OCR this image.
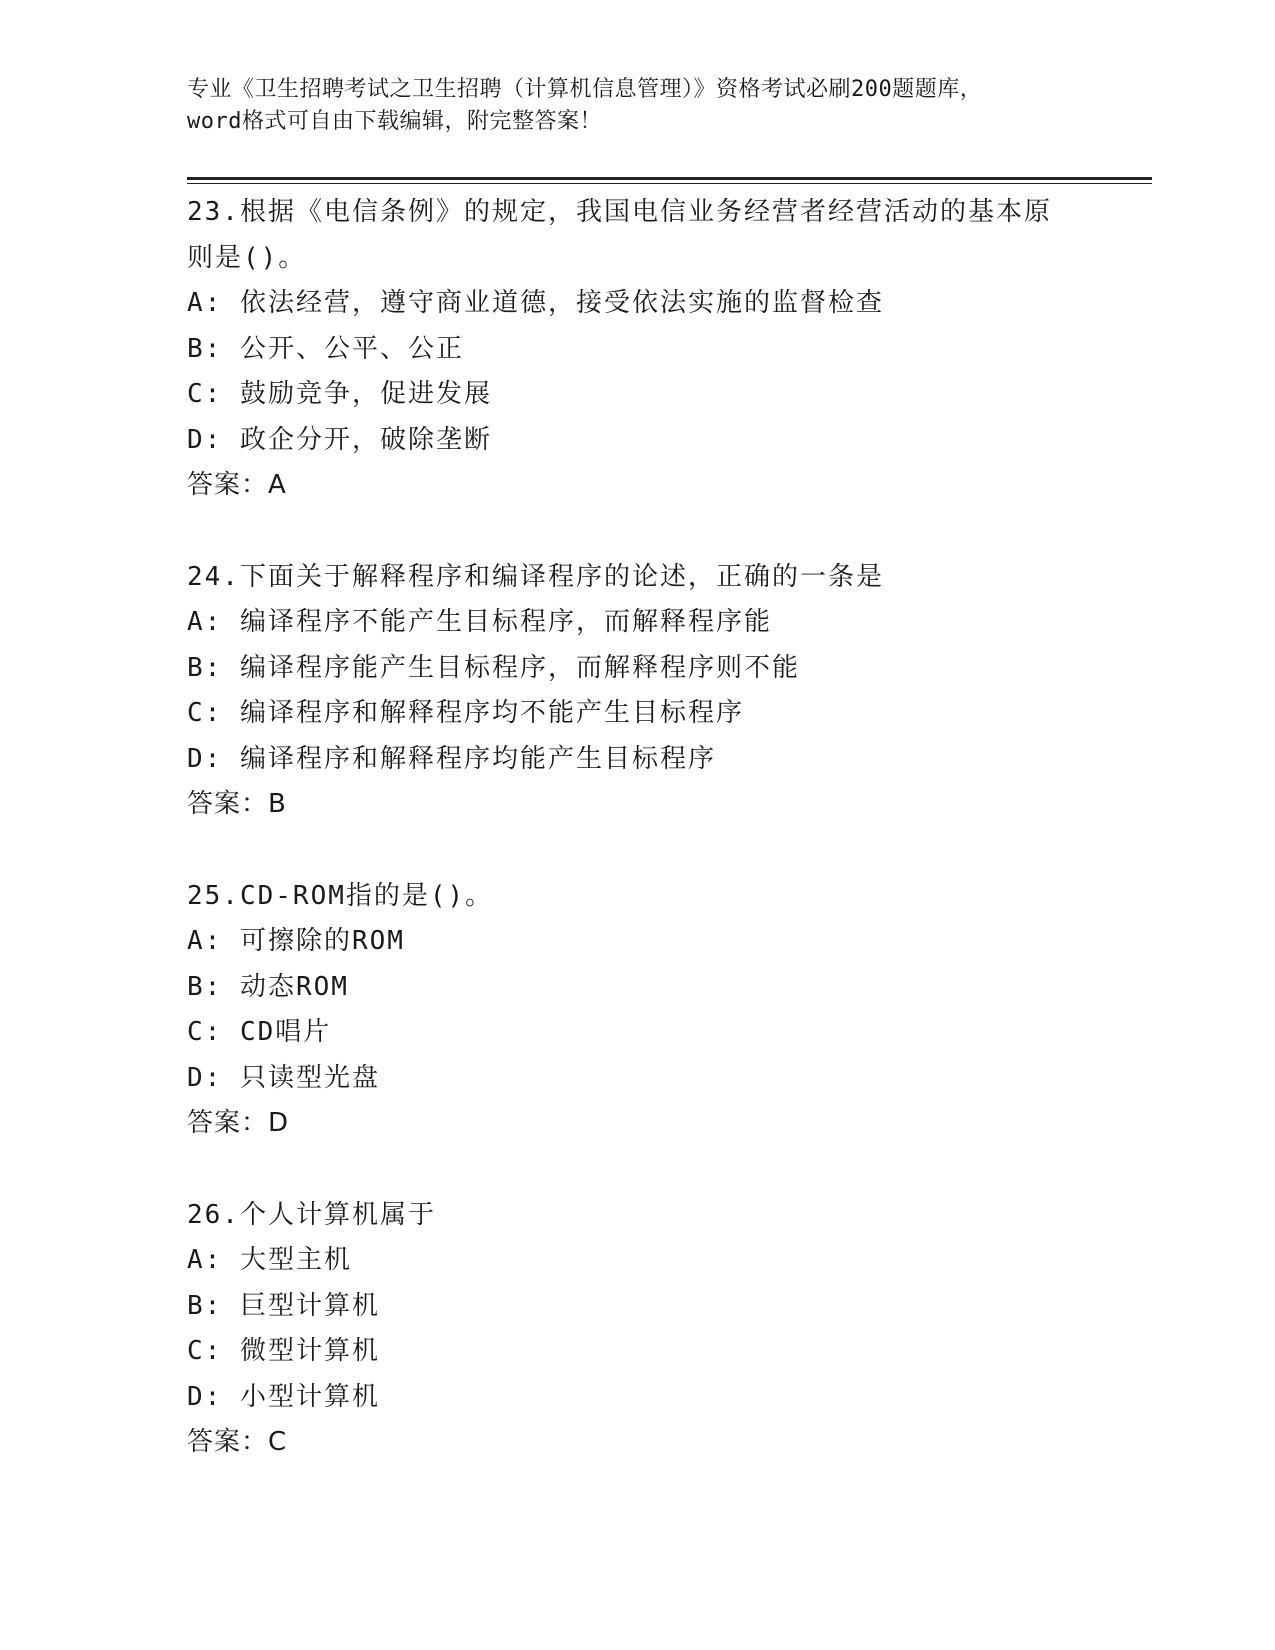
专业《卫生招聘考试之卫生招聘（计算机信息管理）》资格考试必刷200题题库，
word格式可自由下载编辑，附完整答案！
23.根据《电信条例》的规定，我国电信业务经营者经营活动的基本原
则是()。
A: 依法经营，遵守商业道德，接受依法实施的监督检查
B: 公开、公平、公正
C: 鼓励竞争，促进发展
D: 政企分开，破除垄断
答案：A
24.下面关于解释程序和编译程序的论述，正确的一条是
A: 编译程序不能产生目标程序，而解释程序能
B: 编译程序能产生目标程序，而解释程序则不能
C: 编译程序和解释程序均不能产生目标程序
D: 编译程序和解释程序均能产生目标程序
答案：B
25.CD-ROM指的是()。
A: 可擦除的ROM
B: 动态ROM
C: CD唱片
D: 只读型光盘
答案：D
26.个人计算机属于
A: 大型主机
B: 巨型计算机
C: 微型计算机
D: 小型计算机
答案：C
